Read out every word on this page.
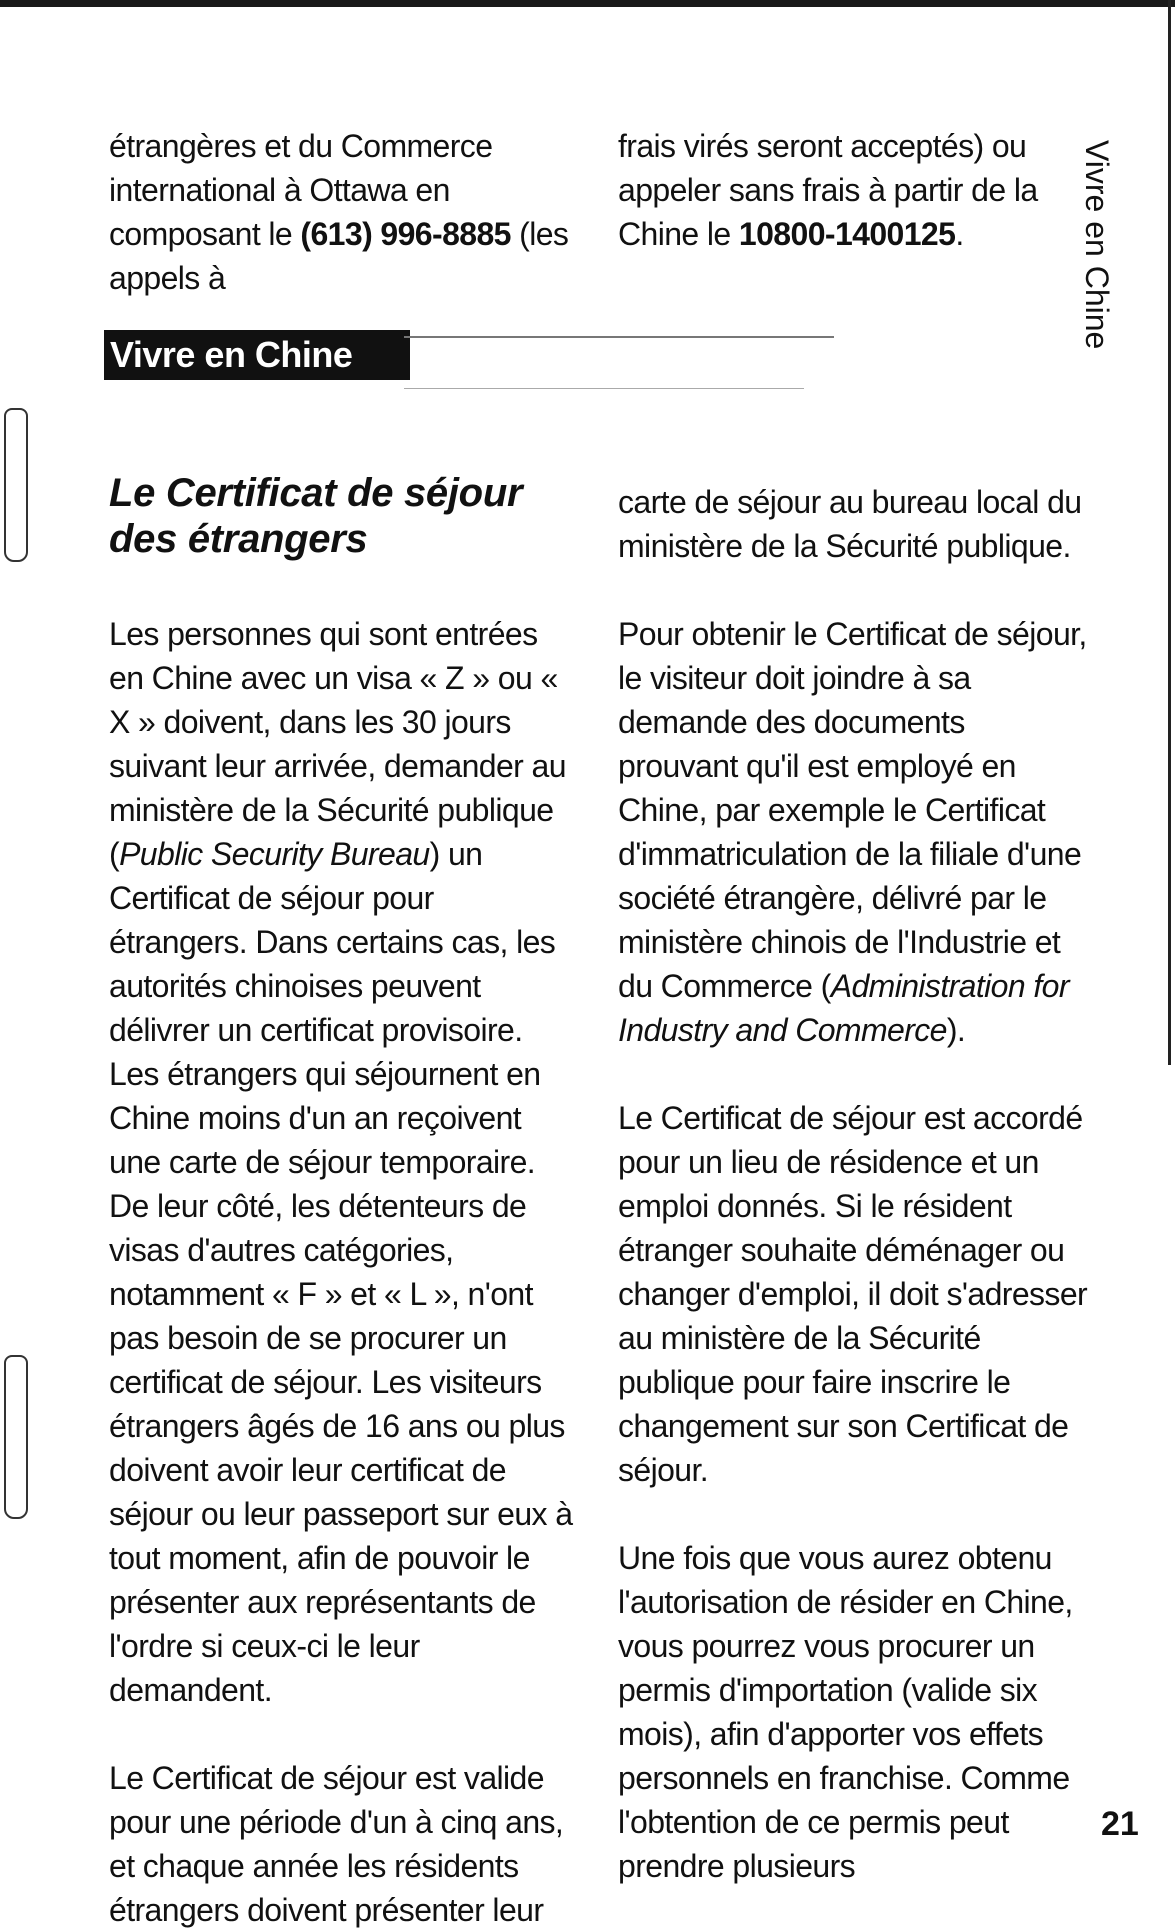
étrangères et du Commerce international à Ottawa en composant le (613) 996-8885 (les appels à

frais virés seront acceptés) ou appeler sans frais à partir de la Chine le 10800-1400125.

Vivre en Chine
Vivre en Chine
Le Certificat de séjour des étrangers

Les personnes qui sont entrées en Chine avec un visa « Z » ou « X » doivent, dans les 30 jours suivant leur arrivée, demander au ministère de la Sécurité publique (Public Security Bureau) un Certificat de séjour pour étrangers. Dans certains cas, les autorités chinoises peuvent délivrer un certificat provisoire. Les étrangers qui séjournent en Chine moins d'un an reçoivent une carte de séjour temporaire. De leur côté, les détenteurs de visas d'autres catégories, notamment « F » et « L », n'ont pas besoin de se procurer un certificat de séjour. Les visiteurs étrangers âgés de 16 ans ou plus doivent avoir leur certificat de séjour ou leur passeport sur eux à tout moment, afin de pouvoir le présenter aux représentants de l'ordre si ceux-ci le leur demandent.

Le Certificat de séjour est valide pour une période d'un à cinq ans, et chaque année les résidents étrangers doivent présenter leur

carte de séjour au bureau local du ministère de la Sécurité publique.

Pour obtenir le Certificat de séjour, le visiteur doit joindre à sa demande des documents prouvant qu'il est employé en Chine, par exemple le Certificat d'immatriculation de la filiale d'une société étrangère, délivré par le ministère chinois de l'Industrie et du Commerce (Administration for Industry and Commerce).

Le Certificat de séjour est accordé pour un lieu de résidence et un emploi donnés. Si le résident étranger souhaite déménager ou changer d'emploi, il doit s'adresser au ministère de la Sécurité publique pour faire inscrire le changement sur son Certificat de séjour.

Une fois que vous aurez obtenu l'autorisation de résider en Chine, vous pourrez vous procurer un permis d'importation (valide six mois), afin d'apporter vos effets personnels en franchise. Comme l'obtention de ce permis peut prendre plusieurs

21
